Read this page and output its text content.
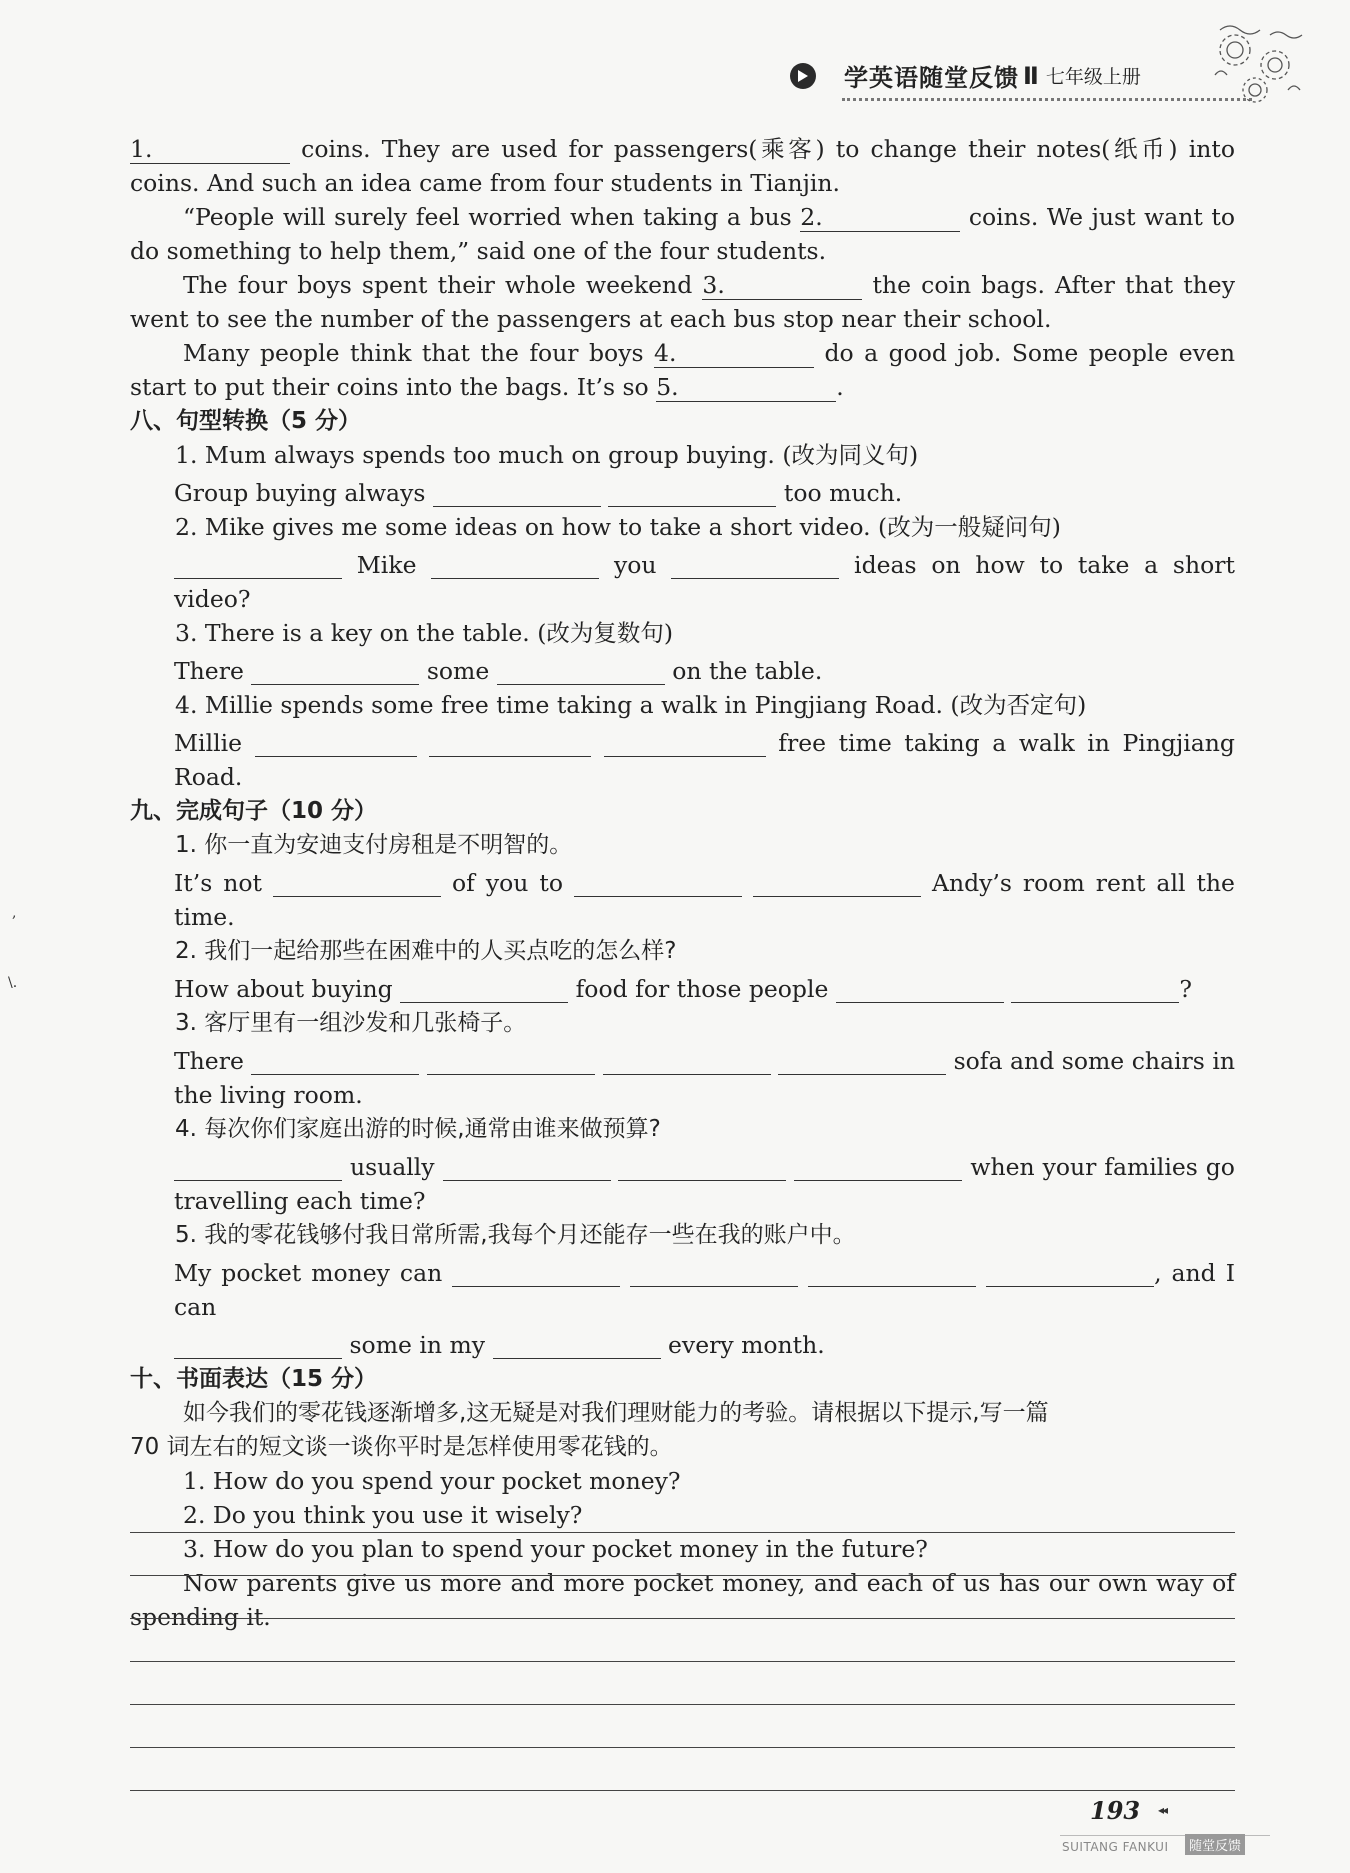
学英语随堂反馈 Ⅱ 七年级上册
,
\.
1.	coins. They are used for passengers(乘客) to change their notes(纸币) into
coins. And such an idea came from four students in Tianjin.
“People will surely feel worried when taking a bus 2.	coins. We just want to
do something to help them,” said one of the four students.
The four boys spent their whole weekend 3.	the coin bags. After that they
went to see the number of the passengers at each bus stop near their school.
Many people think that the four boys 4.	do a good job. Some people even
start to put their coins into the bags. It’s so 5.	.
八、句型转换（5 分）
1. Mum always spends too much on group buying. (改为同义句)
Group buying always	too much.
2. Mike gives me some ideas on how to take a short video. (改为一般疑问句)
Mike	you	ideas on how to take a short video?
3. There is a key on the table. (改为复数句)
There	some	on the table.
4. Millie spends some free time taking a walk in Pingjiang Road. (改为否定句)
Millie	free time taking a walk in Pingjiang Road.
九、完成句子（10 分）
1. 你一直为安迪支付房租是不明智的。
It’s not	of you to	Andy’s room rent all the time.
2. 我们一起给那些在困难中的人买点吃的怎么样?
How about buying	food for those people	?
3. 客厅里有一组沙发和几张椅子。
There	sofa and some chairs in
the living room.
4. 每次你们家庭出游的时候,通常由谁来做预算?
usually	when your families go
travelling each time?
5. 我的零花钱够付我日常所需,我每个月还能存一些在我的账户中。
My pocket money can	, and I can
some in my	every month.
十、书面表达（15 分）
如今我们的零花钱逐渐增多,这无疑是对我们理财能力的考验。请根据以下提示,写一篇
70 词左右的短文谈一谈你平时是怎样使用零花钱的。
1. How do you spend your pocket money?
2. Do you think you use it wisely?
3. How do you plan to spend your pocket money in the future?
Now parents give us more and more pocket money, and each of us has our own way of
spending it.
193 ◂◂
SUITANG FANKUI	随堂反馈
